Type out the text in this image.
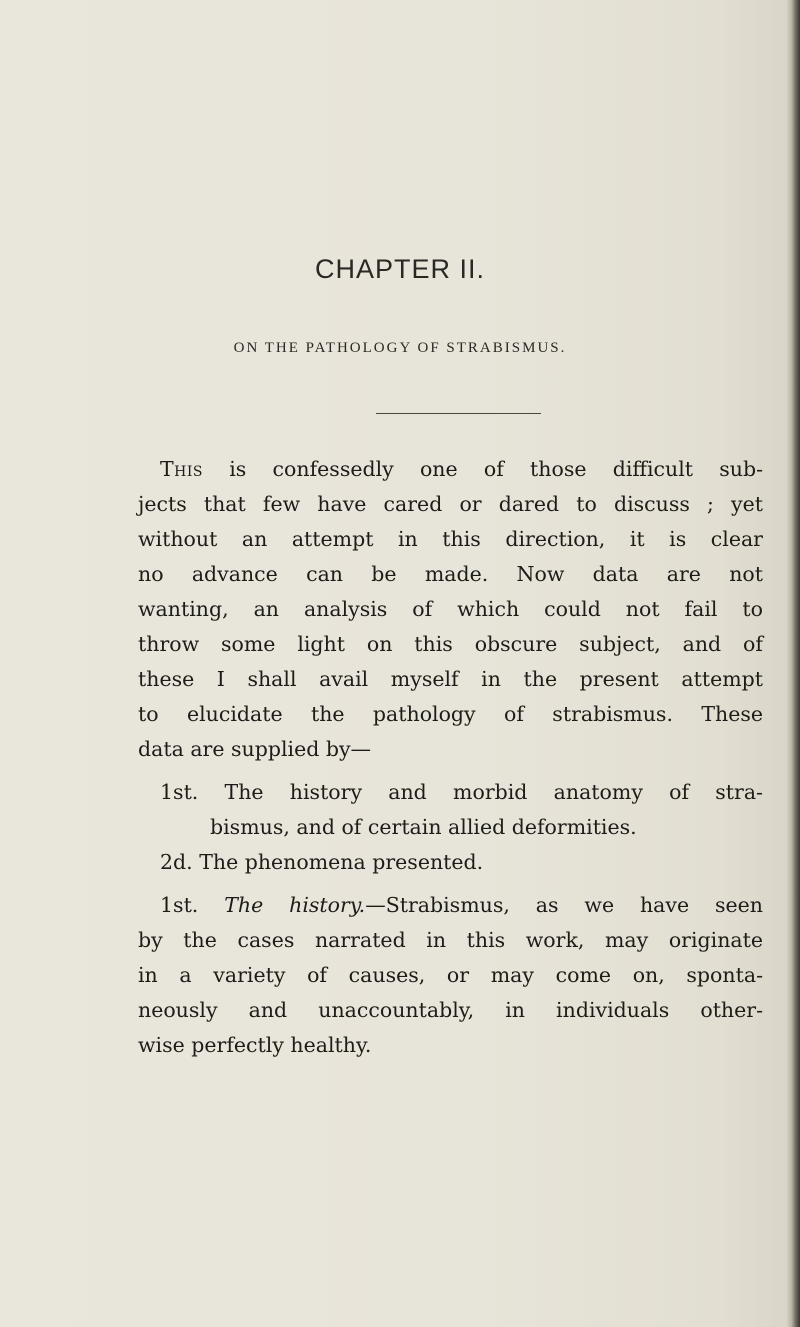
CHAPTER II.
ON THE PATHOLOGY OF STRABISMUS.
This is confessedly one of those difficult sub-
jects that few have cared or dared to discuss ; yet
without an attempt in this direction, it is clear
no advance can be made. Now data are not
wanting, an analysis of which could not fail to
throw some light on this obscure subject, and of
these I shall avail myself in the present attempt
to elucidate the pathology of strabismus. These
data are supplied by—
1st. The history and morbid anatomy of stra-
bismus, and of certain allied deformities.
2d. The phenomena presented.
1st. The history.—Strabismus, as we have seen
by the cases narrated in this work, may originate
in a variety of causes, or may come on, sponta-
neously and unaccountably, in individuals other-
wise perfectly healthy.
